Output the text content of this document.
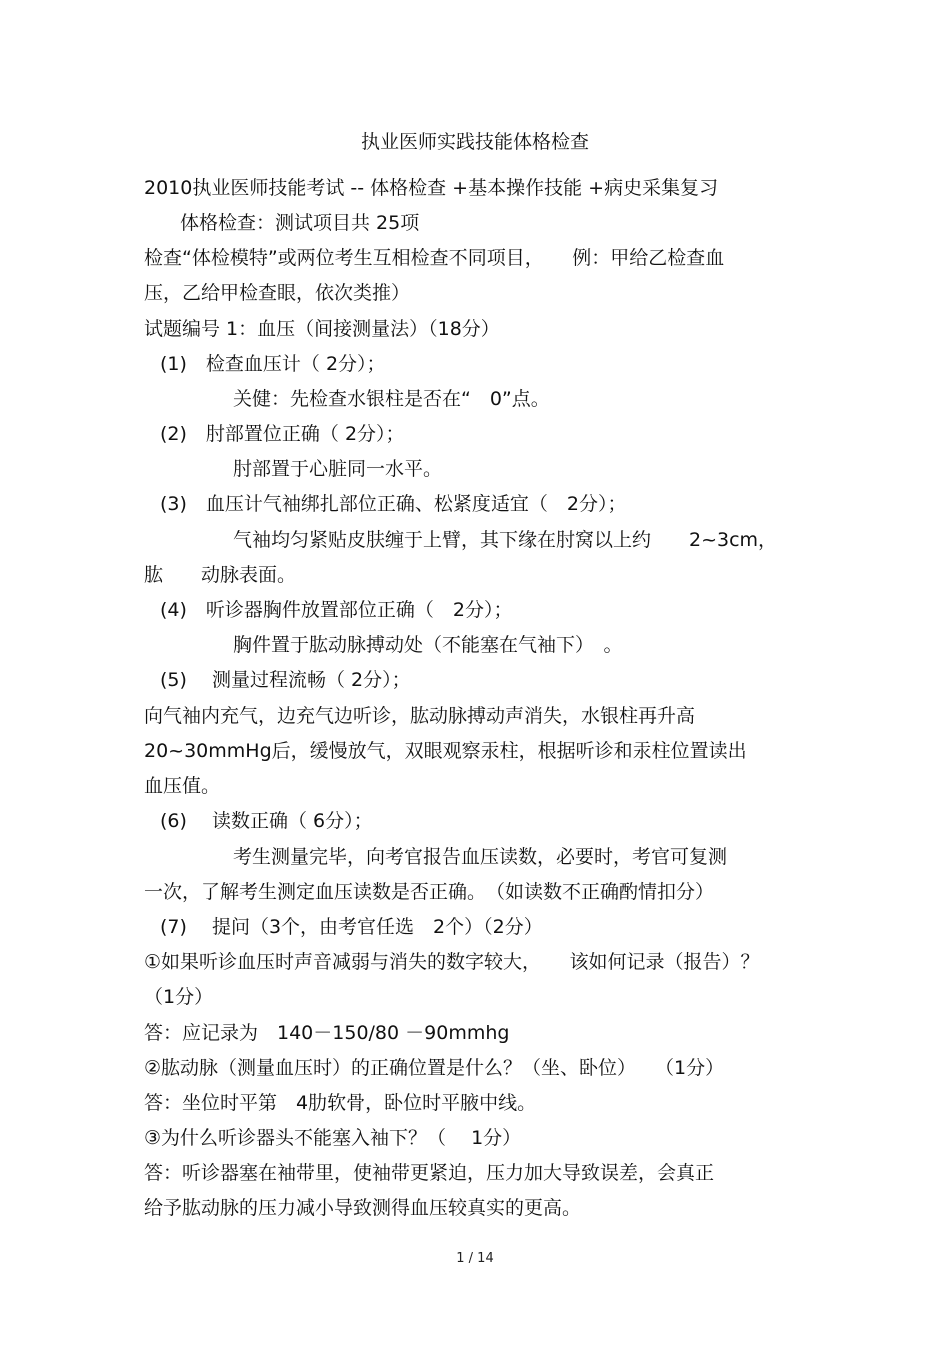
执业医师实践技能体格检查

2010执业医师技能考试 -- 体格检查 +基本操作技能 +病史采集复习

体格检查：测试项目共 25项

检查“体检模特”或两位考生互相检查不同项目，　　例：甲给乙检查血

压，乙给甲检查眼，依次类推）

试题编号 1：血压（间接测量法）（18分）

(1)　检查血压计（ 2分）；

关健：先检查水银柱是否在“　0”点。

(2)　肘部置位正确（ 2分）；

肘部置于心脏同一水平。

(3)　血压计气袖绑扎部位正确、松紧度适宜（　2分）；

气袖均匀紧贴皮肤缠于上臂，其下缘在肘窝以上约　　2~3cm，

肱　　动脉表面。

(4)　听诊器胸件放置部位正确（　2分）；

胸件置于肱动脉搏动处（不能塞在气袖下）　。

(5)　 测量过程流畅（ 2分）；

向气袖内充气，边充气边听诊，肱动脉搏动声消失，水银柱再升高

20~30mmHg后，缓慢放气，双眼观察汞柱，根据听诊和汞柱位置读出

血压值。

(6)　 读数正确（ 6分）；

考生测量完毕，向考官报告血压读数，必要时，考官可复测

一次，了解考生测定血压读数是否正确。　（如读数不正确酌情扣分）

(7)　 提问（3个，由考官任选　2个）（2分）

①如果听诊血压时声音减弱与消失的数字较大，　　该如何记录（报告）？

（1分）

答：应记录为　140－150/80 －90mmhg

②肱动脉（测量血压时）的正确位置是什么？（坐、卧位）　　（1分）

答：坐位时平第　4肋软骨，卧位时平腋中线。

③为什么听诊器头不能塞入袖下？（　 1分）

答：听诊器塞在袖带里，使袖带更紧迫，压力加大导致误差，会真正

给予肱动脉的压力减小导致测得血压较真实的更高。

1 / 14
